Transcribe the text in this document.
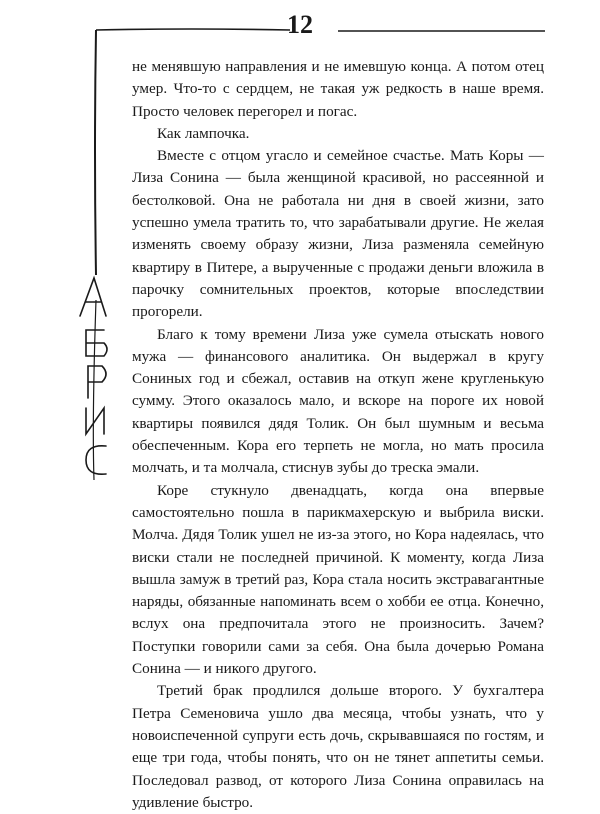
12

не менявшую направления и не имевшую конца. А потом отец умер. Что-то с сердцем, не такая уж редкость в наше время. Просто человек перегорел и погас.

Как лампочка.

Вместе с отцом угасло и семейное счастье. Мать Коры — Лиза Сонина — была женщиной красивой, но рассеянной и бестолковой. Она не работала ни дня в своей жизни, зато успешно умела тратить то, что зарабатывали другие. Не желая изменять своему образу жизни, Лиза разменяла семейную квартиру в Питере, а вырученные с продажи деньги вложила в парочку сомнительных проектов, которые впоследствии прогорели.

Благо к тому времени Лиза уже сумела отыскать нового мужа — финансового аналитика. Он выдержал в кругу Сониных год и сбежал, оставив на откуп жене кругленькую сумму. Этого оказалось мало, и вскоре на пороге их новой квартиры появился дядя Толик. Он был шумным и весьма обеспеченным. Кора его терпеть не могла, но мать просила молчать, и та молчала, стиснув зубы до треска эмали.

Коре стукнуло двенадцать, когда она впервые самостоятельно пошла в парикмахерскую и выбрила виски. Молча. Дядя Толик ушел не из-за этого, но Кора надеялась, что виски стали не последней причиной. К моменту, когда Лиза вышла замуж в третий раз, Кора стала носить экстравагантные наряды, обязанные напоминать всем о хобби ее отца. Конечно, вслух она предпочитала этого не произносить. Зачем? Поступки говорили сами за себя. Она была дочерью Романа Сонина — и никого другого.

Третий брак продлился дольше второго. У бухгалтера Петра Семеновича ушло два месяца, чтобы узнать, что у новоиспеченной супруги есть дочь, скрывавшаяся по гостям, и еще три года, чтобы понять, что он не тянет аппетиты семьи. Последовал развод, от которого Лиза Сонина оправилась на удивление быстро.
